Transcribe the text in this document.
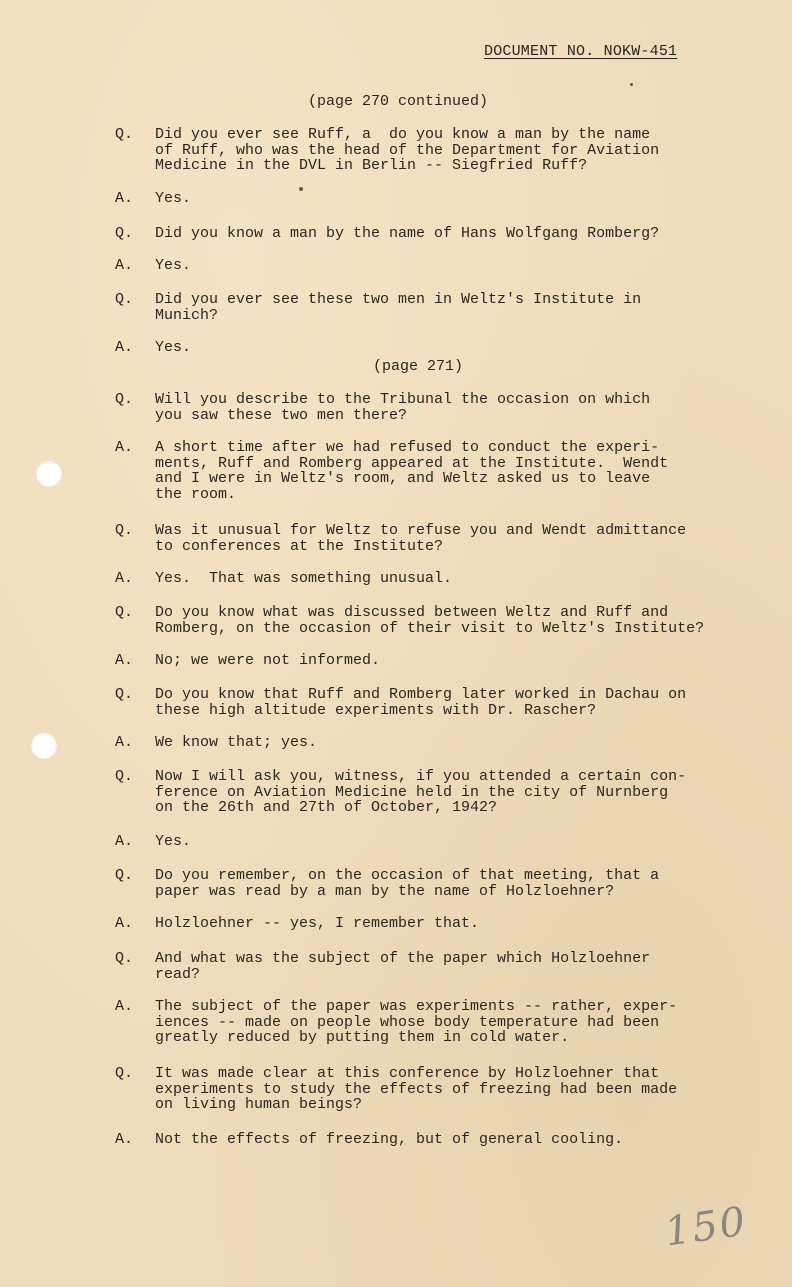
DOCUMENT NO. NOKW-451
(page 270 continued)
Q. Did you ever see Ruff, a  do you know a man by the name
of Ruff, who was the head of the Department for Aviation
Medicine in the DVL in Berlin -- Siegfried Ruff?
A. Yes.
Q. Did you know a man by the name of Hans Wolfgang Romberg?
A. Yes.
Q. Did you ever see these two men in Weltz's Institute in
Munich?
A. Yes.
(page 271)
Q. Will you describe to the Tribunal the occasion on which
you saw these two men there?
A. A short time after we had refused to conduct the experi-
ments, Ruff and Romberg appeared at the Institute.  Wendt
and I were in Weltz's room, and Weltz asked us to leave
the room.
Q. Was it unusual for Weltz to refuse you and Wendt admittance
to conferences at the Institute?
A. Yes.  That was something unusual.
Q. Do you know what was discussed between Weltz and Ruff and
Romberg, on the occasion of their visit to Weltz's Institute?
A. No; we were not informed.
Q. Do you know that Ruff and Romberg later worked in Dachau on
these high altitude experiments with Dr. Rascher?
A. We know that; yes.
Q. Now I will ask you, witness, if you attended a certain con-
ference on Aviation Medicine held in the city of Nurnberg
on the 26th and 27th of October, 1942?
A. Yes.
Q. Do you remember, on the occasion of that meeting, that a
paper was read by a man by the name of Holzloehner?
A. Holzloehner -- yes, I remember that.
Q. And what was the subject of the paper which Holzloehner
read?
A. The subject of the paper was experiments -- rather, exper-
iences -- made on people whose body temperature had been
greatly reduced by putting them in cold water.
Q. It was made clear at this conference by Holzloehner that
experiments to study the effects of freezing had been made
on living human beings?
A. Not the effects of freezing, but of general cooling.
150
